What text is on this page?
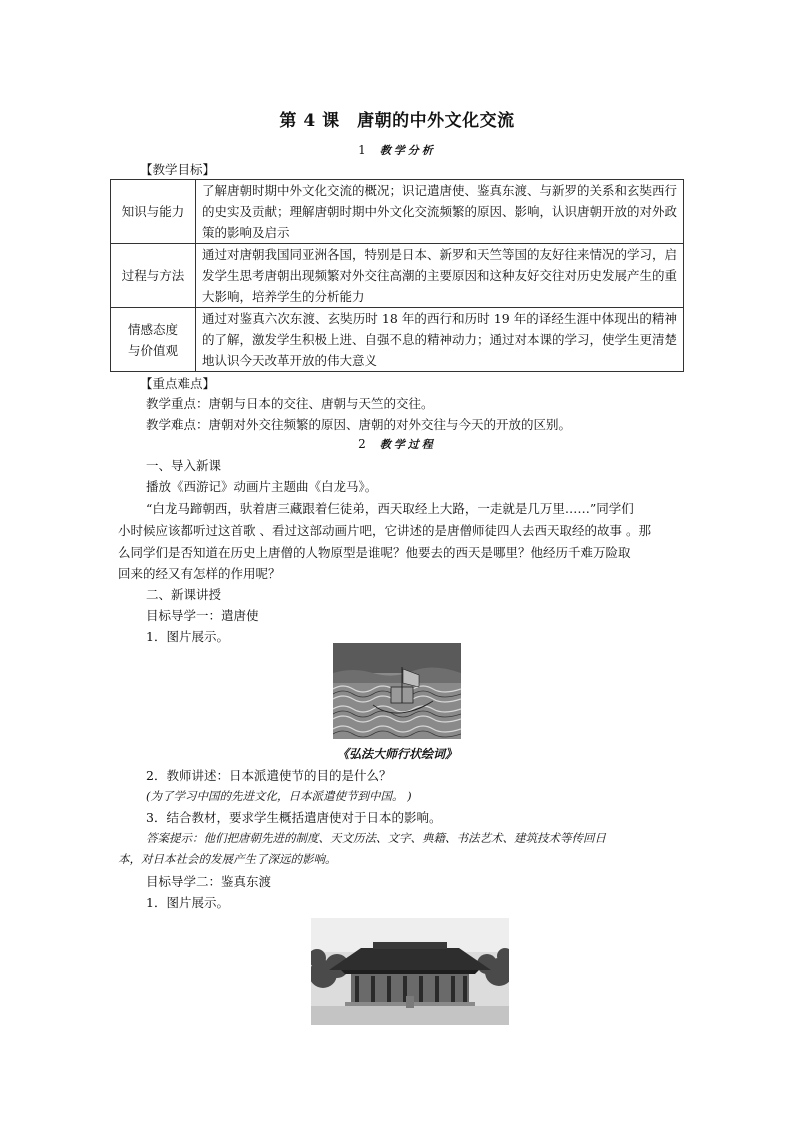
第 4 课　唐朝的中外文化交流
1 教学分析
【教学目标】
知识与能力	了解唐朝时期中外文化交流的概况；识记遣唐使、鉴真东渡、与新罗的关系和玄奘西行的史实及贡献；理解唐朝时期中外文化交流频繁的原因、影响，认识唐朝开放的对外政策的影响及启示
过程与方法	通过对唐朝我国同亚洲各国，特别是日本、新罗和天竺等国的友好往来情况的学习，启发学生思考唐朝出现频繁对外交往高潮的主要原因和这种友好交往对历史发展产生的重大影响，培养学生的分析能力

情感态度
与价值观	通过对鉴真六次东渡、玄奘历时 18 年的西行和历时 19 年的译经生涯中体现出的精神的了解，激发学生积极上进、自强不息的精神动力；通过对本课的学习，使学生更清楚地认识今天改革开放的伟大意义
【重点难点】
教学重点：唐朝与日本的交往、唐朝与天竺的交往。
教学难点：唐朝对外交往频繁的原因、唐朝的对外交往与今天的开放的区别。
2 教学过程
一、导入新课
播放《西游记》动画片主题曲《白龙马》。
“白龙马蹄朝西，驮着唐三藏跟着仨徒弟，西天取经上大路，一走就是几万里……”同学们
小时候应该都听过这首歌 、看过这部动画片吧，它讲述的是唐僧师徒四人去西天取经的故事 。那
么同学们是否知道在历史上唐僧的人物原型是谁呢？他要去的西天是哪里？他经历千难万险取
回来的经又有怎样的作用呢？
二、新课讲授
目标导学一：遣唐使
1．图片展示。
《弘法大师行状绘词》
2．教师讲述：日本派遣使节的目的是什么？
(为了学习中国的先进文化，日本派遣使节到中国。 )
3．结合教材，要求学生概括遣唐使对于日本的影响。
答案提示：他们把唐朝先进的制度、天文历法、文字、典籍、书法艺术、建筑技术等传回日
本，对日本社会的发展产生了深远的影响。
目标导学二：鉴真东渡
1．图片展示。
